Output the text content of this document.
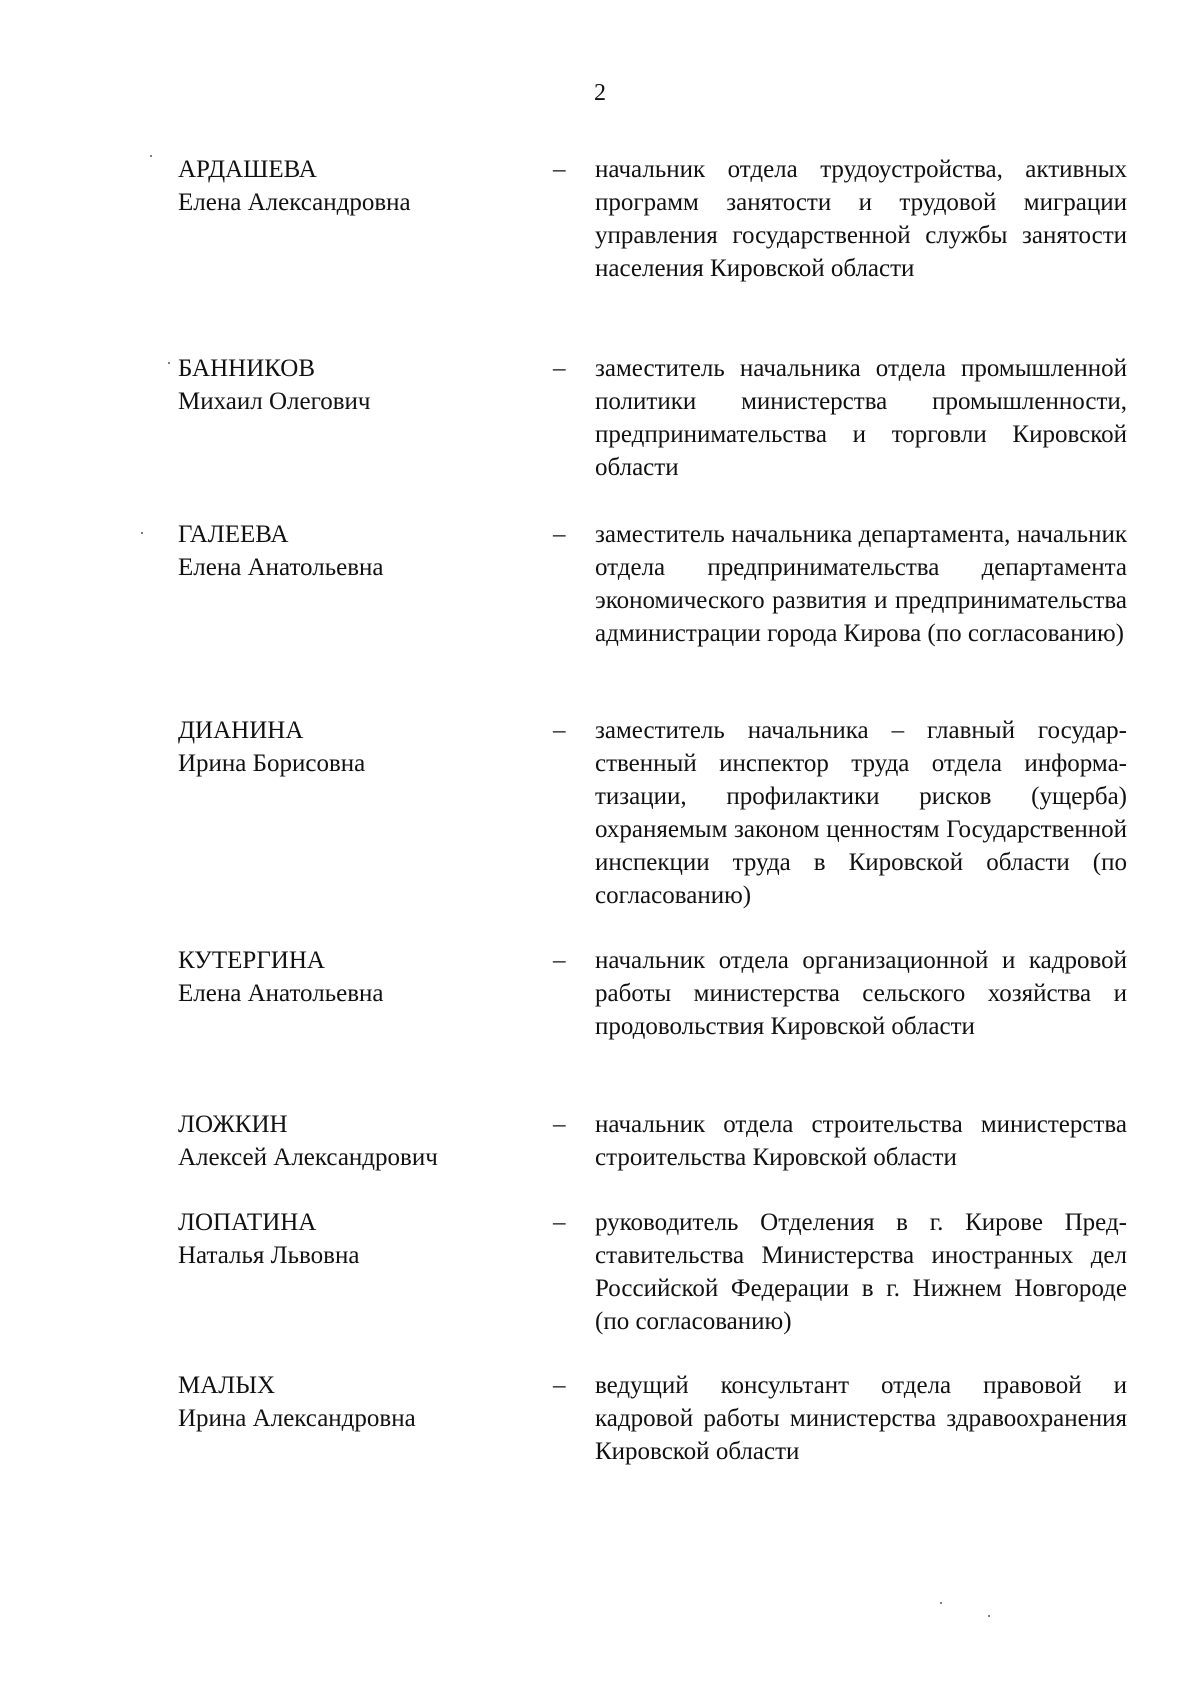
2
АРДАШЕВА
Елена Александровна
– начальник отдела трудоустройства, активных программ занятости и трудовой миграции управления государственной службы занятости населения Кировской области
БАННИКОВ
Михаил Олегович
– заместитель начальника отдела промышленной политики министерства промышленности, предпринимательства и торговли Кировской области
ГАЛЕЕВА
Елена Анатольевна
– заместитель начальника департамента, начальник отдела предпринимательства департамента экономического развития и предпринимательства администрации города Кирова (по согласованию)
ДИАНИНА
Ирина Борисовна
– заместитель начальника – главный государственный инспектор труда отдела информатизации, профилактики рисков (ущерба) охраняемым законом ценностям Государственной инспекции труда в Кировской области (по согласованию)
КУТЕРГИНА
Елена Анатольевна
– начальник отдела организационной и кадровой работы министерства сельского хозяйства и продовольствия Кировской области
ЛОЖКИН
Алексей Александрович
– начальник отдела строительства министерства строительства Кировской области
ЛОПАТИНА
Наталья Львовна
– руководитель Отделения в г. Кирове Представительства Министерства иностранных дел Российской Федерации в г. Нижнем Новгороде (по согласованию)
МАЛЫХ
Ирина Александровна
– ведущий консультант отдела правовой и кадровой работы министерства здравоохранения Кировской области
